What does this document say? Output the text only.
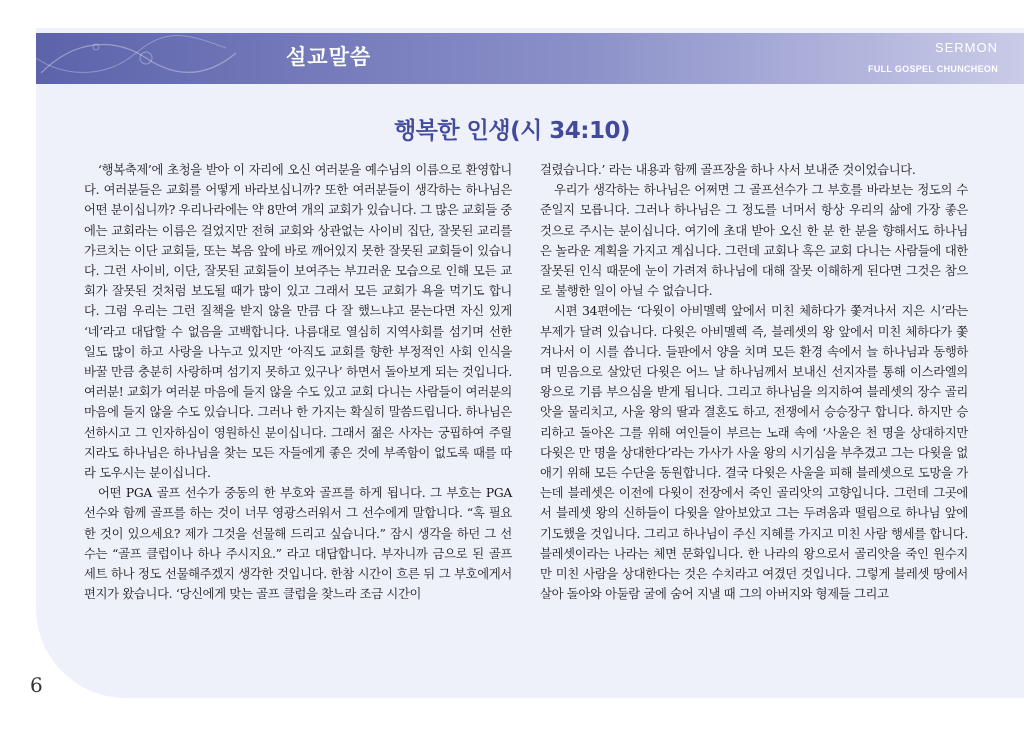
설교말씀	SERMON
FULL GOSPEL CHUNCHEON
행복한 인생(시 34:10)

‘행복축제’에 초청을 받아 이 자리에 오신 여러분을 예수님의 이름으로 환영합니다. 여러분들은 교회를 어떻게 바라보십니까? 또한 여러분들이 생각하는 하나님은 어떤 분이십니까? 우리나라에는 약 8만여 개의 교회가 있습니다. 그 많은 교회들 중에는 교회라는 이름은 걸었지만 전혀 교회와 상관없는 사이비 집단, 잘못된 교리를 가르치는 이단 교회들, 또는 복음 앞에 바로 깨어있지 못한 잘못된 교회들이 있습니다. 그런 사이비, 이단, 잘못된 교회들이 보여주는 부끄러운 모습으로 인해 모든 교회가 잘못된 것처럼 보도될 때가 많이 있고 그래서 모든 교회가 욕을 먹기도 합니다. 그럼 우리는 그런 질책을 받지 않을 만큼 다 잘 했느냐고 묻는다면 자신 있게 ‘네’라고 대답할 수 없음을 고백합니다. 나름대로 열심히 지역사회를 섬기며 선한 일도 많이 하고 사랑을 나누고 있지만 ‘아직도 교회를 향한 부정적인 사회 인식을 바꿀 만큼 충분히 사랑하며 섬기지 못하고 있구나’ 하면서 돌아보게 되는 것입니다. 여러분! 교회가 여러분 마음에 들지 않을 수도 있고 교회 다니는 사람들이 여러분의 마음에 들지 않을 수도 있습니다. 그러나 한 가지는 확실히 말씀드립니다. 하나님은 선하시고 그 인자하심이 영원하신 분이십니다. 그래서 젊은 사자는 궁핍하여 주릴지라도 하나님은 하나님을 찾는 모든 자들에게 좋은 것에 부족함이 없도록 때를 따라 도우시는 분이십니다.

어떤 PGA 골프 선수가 중동의 한 부호와 골프를 하게 됩니다. 그 부호는 PGA 선수와 함께 골프를 하는 것이 너무 영광스러워서 그 선수에게 말합니다. “혹 필요한 것이 있으세요? 제가 그것을 선물해 드리고 싶습니다.” 잠시 생각을 하던 그 선수는 “골프 클럽이나 하나 주시지요.” 라고 대답합니다. 부자니까 금으로 된 골프 세트 하나 정도 선물해주겠지 생각한 것입니다. 한참 시간이 흐른 뒤 그 부호에게서 편지가 왔습니다. ‘당신에게 맞는 골프 클럽을 찾느라 조금 시간이

걸렸습니다.’ 라는 내용과 함께 골프장을 하나 사서 보내준 것이었습니다.

우리가 생각하는 하나님은 어쩌면 그 골프선수가 그 부호를 바라보는 정도의 수준일지 모릅니다. 그러나 하나님은 그 정도를 너머서 항상 우리의 삶에 가장 좋은 것으로 주시는 분이십니다. 여기에 초대 받아 오신 한 분 한 분을 향해서도 하나님은 놀라운 계획을 가지고 계십니다. 그런데 교회나 혹은 교회 다니는 사람들에 대한 잘못된 인식 때문에 눈이 가려져 하나님에 대해 잘못 이해하게 된다면 그것은 참으로 불행한 일이 아닐 수 없습니다.

시편 34편에는 ‘다윗이 아비멜렉 앞에서 미친 체하다가 쫓겨나서 지은 시’라는 부제가 달려 있습니다. 다윗은 아비멜렉 즉, 블레셋의 왕 앞에서 미친 체하다가 쫓겨나서 이 시를 씁니다. 들판에서 양을 치며 모든 환경 속에서 늘 하나님과 동행하며 믿음으로 살았던 다윗은 어느 날 하나님께서 보내신 선지자를 통해 이스라엘의 왕으로 기름 부으심을 받게 됩니다. 그리고 하나님을 의지하여 블레셋의 장수 골리앗을 물리치고, 사울 왕의 딸과 결혼도 하고, 전쟁에서 승승장구 합니다. 하지만 승리하고 돌아온 그를 위해 여인들이 부르는 노래 속에 ‘사울은 천 명을 상대하지만 다윗은 만 명을 상대한다’라는 가사가 사울 왕의 시기심을 부추겼고 그는 다윗을 없애기 위해 모든 수단을 동원합니다. 결국 다윗은 사울을 피해 블레셋으로 도망을 가는데 블레셋은 이전에 다윗이 전장에서 죽인 골리앗의 고향입니다. 그런데 그곳에서 블레셋 왕의 신하들이 다윗을 알아보았고 그는 두려움과 떨림으로 하나님 앞에 기도했을 것입니다. 그리고 하나님이 주신 지혜를 가지고 미친 사람 행세를 합니다. 블레셋이라는 나라는 체면 문화입니다. 한 나라의 왕으로서 골리앗을 죽인 원수지만 미친 사람을 상대한다는 것은 수치라고 여겼던 것입니다. 그렇게 블레셋 땅에서 살아 돌아와 아둘람 굴에 숨어 지낼 때 그의 아버지와 형제들 그리고

6
